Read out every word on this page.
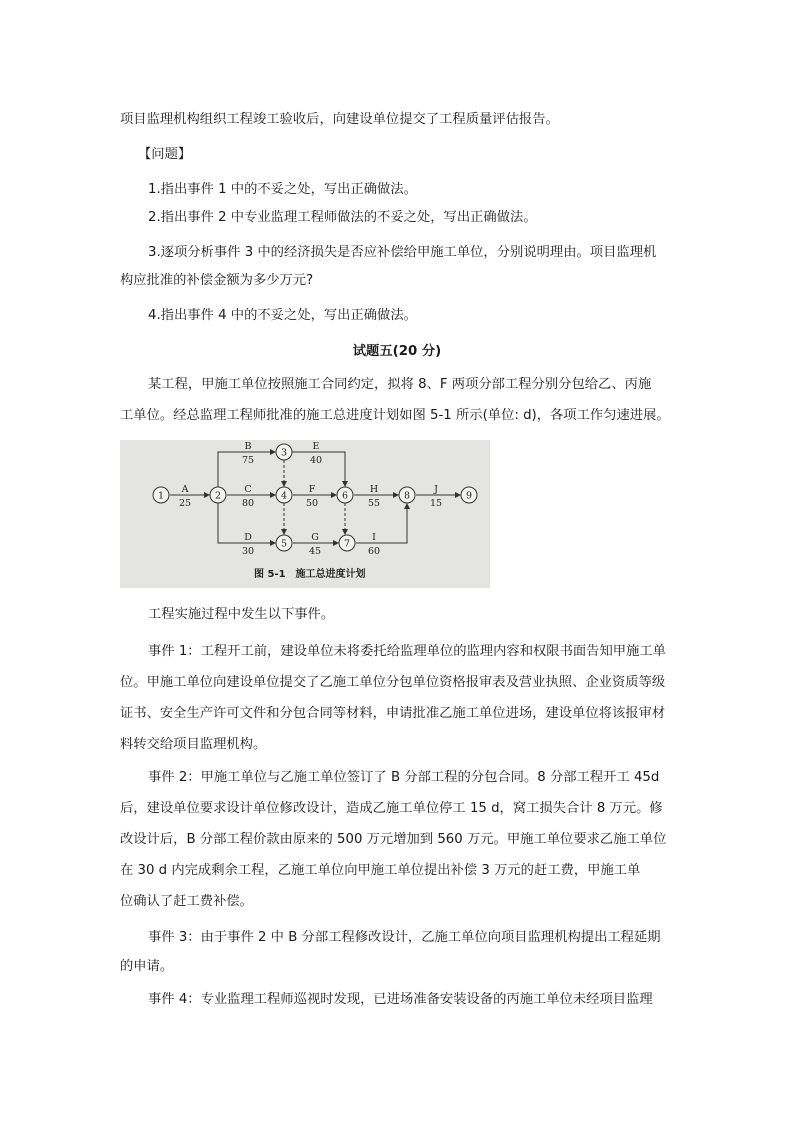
项目监理机构组织工程竣工验收后，向建设单位提交了工程质量评估报告。
【问题】
1.指出事件 1 中的不妥之处，写出正确做法。
2.指出事件 2 中专业监理工程师做法的不妥之处，写出正确做法。
3.逐项分析事件 3 中的经济损失是否应补偿给甲施工单位，分别说明理由。项目监理机
构应批准的补偿金额为多少万元?
4.指出事件 4 中的不妥之处，写出正确做法。
试题五(20 分)
某工程，甲施工单位按照施工合同约定，拟将 8、F 两项分部工程分别分包给乙、丙施
工单位。经总监理工程师批准的施工总进度计划如图 5-1 所示(单位: d)，各项工作匀速进展。
1	2
3
4
5
6
7
8	9
A
25
B
75
C
80
D
30
E
40
F
50
G
45
H
55
I
60
J
15
图 5-1　施工总进度计划
工程实施过程中发生以下事件。
事件 1：工程开工前，建设单位未将委托给监理单位的监理内容和权限书面告知甲施工单
位。甲施工单位向建设单位提交了乙施工单位分包单位资格报审表及营业执照、企业资质等级
证书、安全生产许可文件和分包合同等材料，申请批准乙施工单位进场，建设单位将该报审材
料转交给项目监理机构。
事件 2：甲施工单位与乙施工单位签订了 B 分部工程的分包合同。8 分部工程开工 45d
后，建设单位要求设计单位修改设计，造成乙施工单位停工 15 d，窝工损失合计 8 万元。修
改设计后，B 分部工程价款由原来的 500 万元增加到 560 万元。甲施工单位要求乙施工单位
在 30 d 内完成剩余工程，乙施工单位向甲施工单位提出补偿 3 万元的赶工费，甲施工单
位确认了赶工费补偿。
事件 3：由于事件 2 中 B 分部工程修改设计，乙施工单位向项目监理机构提出工程延期
的申请。
事件 4：专业监理工程师巡视时发现，已进场准备安装设备的丙施工单位未经项目监理
